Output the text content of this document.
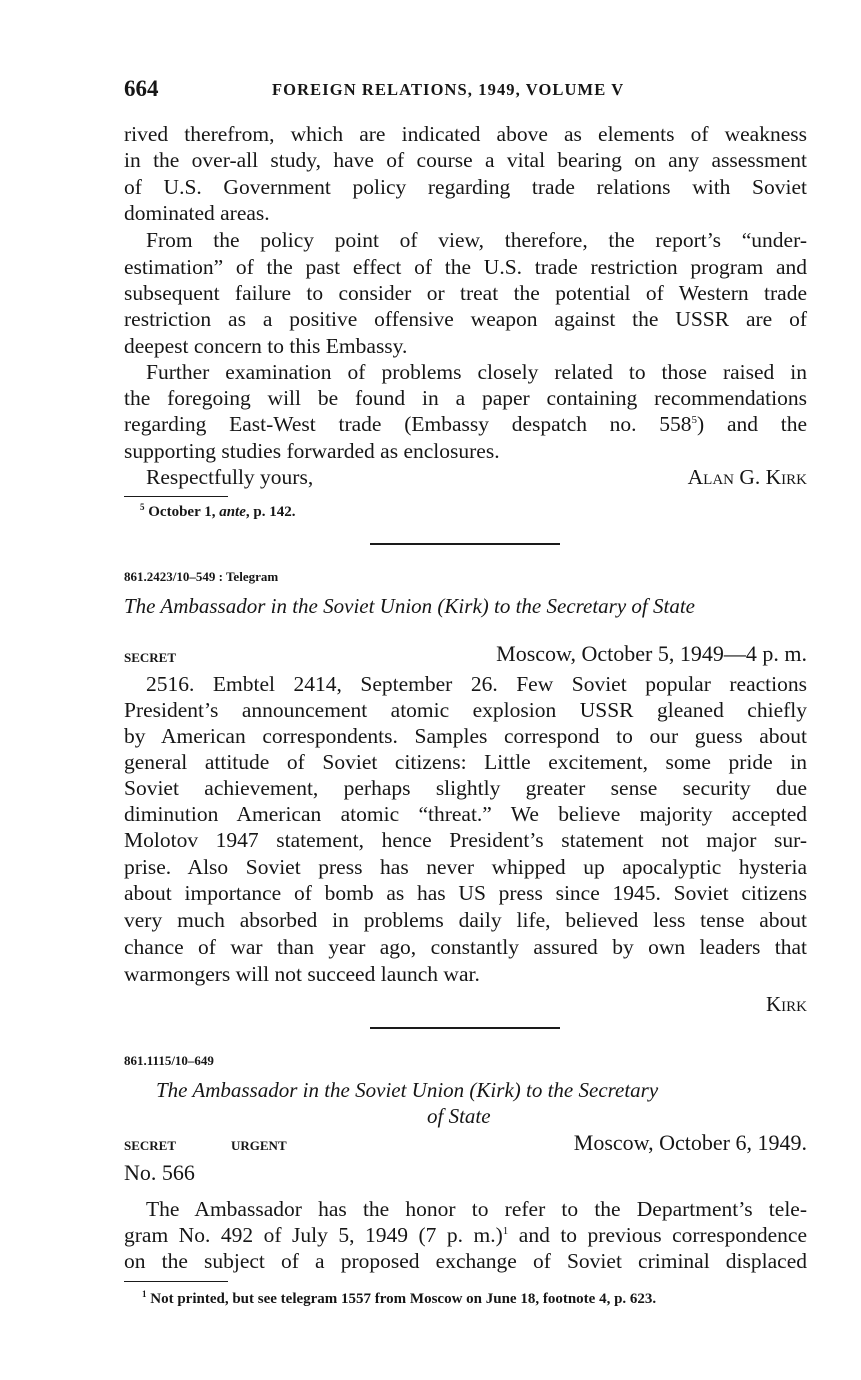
664	FOREIGN RELATIONS, 1949, VOLUME V
rived therefrom, which are indicated above as elements of weakness
in the over-all study, have of course a vital bearing on any assessment
of U.S. Government policy regarding trade relations with Soviet
dominated areas.
From the policy point of view, therefore, the report’s “under-
estimation” of the past effect of the U.S. trade restriction program and
subsequent failure to consider or treat the potential of Western trade
restriction as a positive offensive weapon against the USSR are of
deepest concern to this Embassy.
Further examination of problems closely related to those raised in
the foregoing will be found in a paper containing recommendations
regarding East-West trade (Embassy despatch no. $558^5$) and the
supporting studies forwarded as enclosures.
Respectfully yours,	Alan G. Kirk
$^5$ October 1, ante, p. 142.
861.2423/10–549 : Telegram
The Ambassador in the Soviet Union (Kirk) to the Secretary of State
SECRET	Moscow, October 5, 1949—4 p. m.
2516. Embtel 2414, September 26. Few Soviet popular reactions
President’s announcement atomic explosion USSR gleaned chiefly
by American correspondents. Samples correspond to our guess about
general attitude of Soviet citizens: Little excitement, some pride in
Soviet achievement, perhaps slightly greater sense security due
diminution American atomic “threat.” We believe majority accepted
Molotov 1947 statement, hence President’s statement not major sur-
prise. Also Soviet press has never whipped up apocalyptic hysteria
about importance of bomb as has US press since 1945. Soviet citizens
very much absorbed in problems daily life, believed less tense about
chance of war than year ago, constantly assured by own leaders that
warmongers will not succeed launch war.
Kirk
861.1115/10–649
The Ambassador in the Soviet Union (Kirk) to the Secretary
of State
SECRET	URGENT	Moscow, October 6, 1949.
No. 566
The Ambassador has the honor to refer to the Department’s tele-
gram No. 492 of July 5, 1949 (7 p. m.)$^1$ and to previous correspondence
on the subject of a proposed exchange of Soviet criminal displaced
$^1$ Not printed, but see telegram 1557 from Moscow on June 18, footnote 4, p. 623.
